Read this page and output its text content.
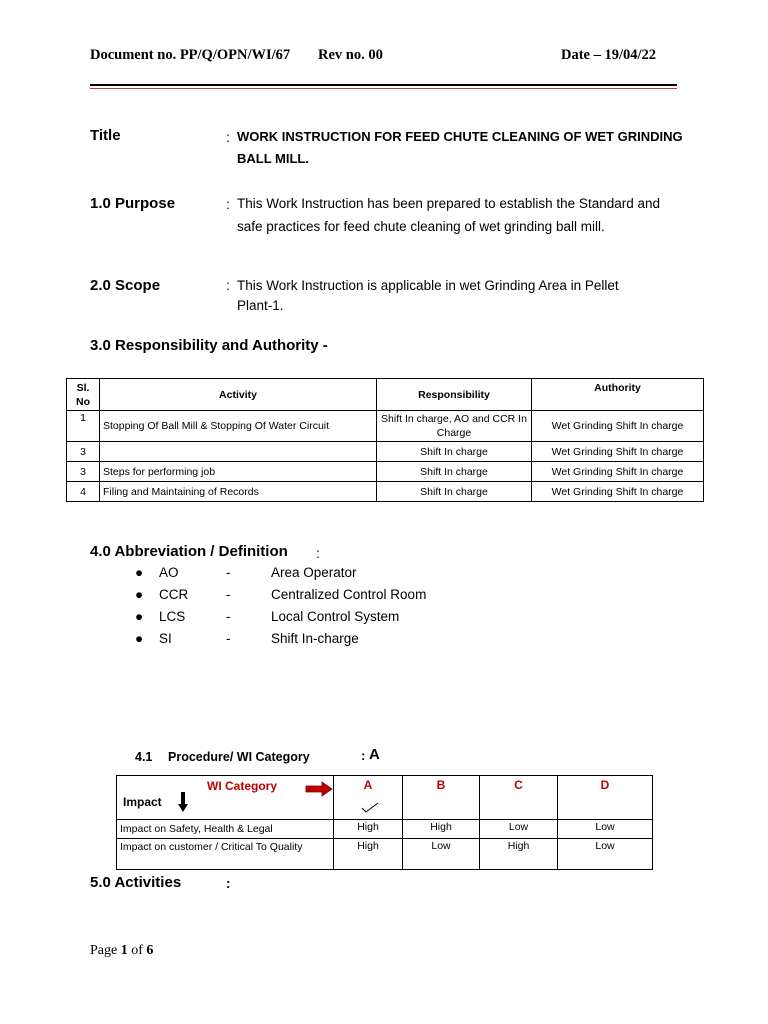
Document no. PP/Q/OPN/WI/67 Rev no. 00	Date – 19/04/22
Title	: WORK INSTRUCTION FOR FEED CHUTE CLEANING OF WET GRINDING
BALL MILL.
1.0 Purpose	: This Work Instruction has been prepared to establish the Standard and
safe practices for feed chute cleaning of wet grinding ball mill.
2.0 Scope	: This Work Instruction is applicable in wet Grinding Area in Pellet
Plant-1.
3.0 Responsibility and Authority -
Sl. No	Activity	Responsibility	Authority
1	Stopping Of Ball Mill & Stopping Of Water Circuit	Shift In charge, AO and CCR In Charge	Wet Grinding Shift In charge
3		Shift In charge	Wet Grinding Shift In charge
3	Steps for performing job	Shift In charge	Wet Grinding Shift In charge
4	Filing and Maintaining of Records	Shift In charge	Wet Grinding Shift In charge
4.0 Abbreviation / Definition :
● AO	-	Area Operator
● CCR	-	Centralized Control Room
● LCS	-	Local Control System
● SI	-	Shift In-charge
4.1 Procedure/ WI Category	: A
WI Category
Impact	A	B	C	D
Impact on Safety, Health & Legal	High	High	Low	Low
Impact on customer / Critical To Quality	High	Low	High	Low
5.0 Activities	:
Page 1 of 6
